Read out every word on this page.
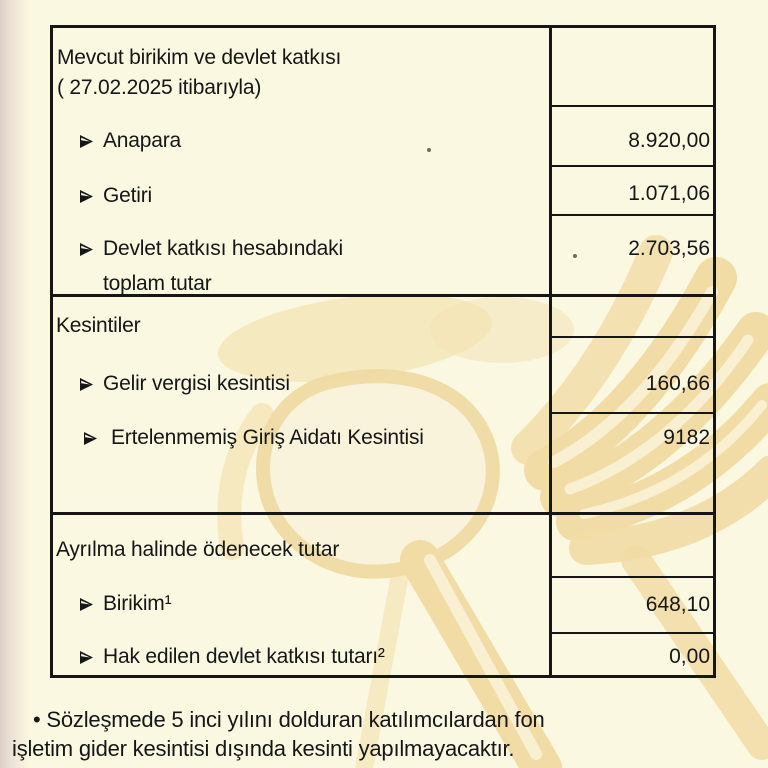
Mevcut birikim ve devlet katkısı
( 27.02.2025 itibarıyla)
Anapara
Getiri
Devlet katkısı hesabındaki
toplam tutar
Kesintiler
Gelir vergisi kesintisi
Ertelenmemiş Giriş Aidatı Kesintisi
Ayrılma halinde ödenecek tutar
Birikim¹
Hak edilen devlet katkısı tutarı²
8.920,00
1.071,06
2.703,56
160,66
9182
648,10
0,00
• Sözleşmede 5 inci yılını dolduran katılımcılardan fon
işletim gider kesintisi dışında kesinti yapılmayacaktır.
